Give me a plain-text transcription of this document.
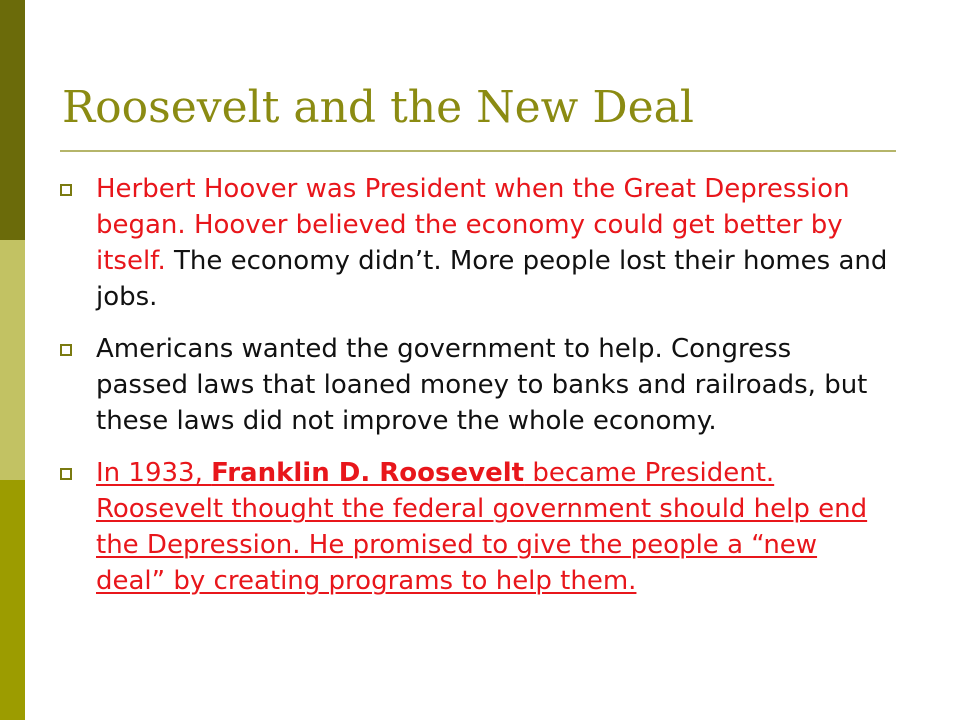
Roosevelt and the New Deal
Herbert Hoover was President when the Great Depression began. Hoover believed the economy could get better by itself. The economy didn’t. More people lost their homes and jobs.
Americans wanted the government to help. Congress passed laws that loaned money to banks and railroads, but these laws did not improve the whole economy.
In 1933, Franklin D. Roosevelt became President. Roosevelt thought the federal government should help end the Depression. He promised to give the people a “new deal” by creating programs to help them.
